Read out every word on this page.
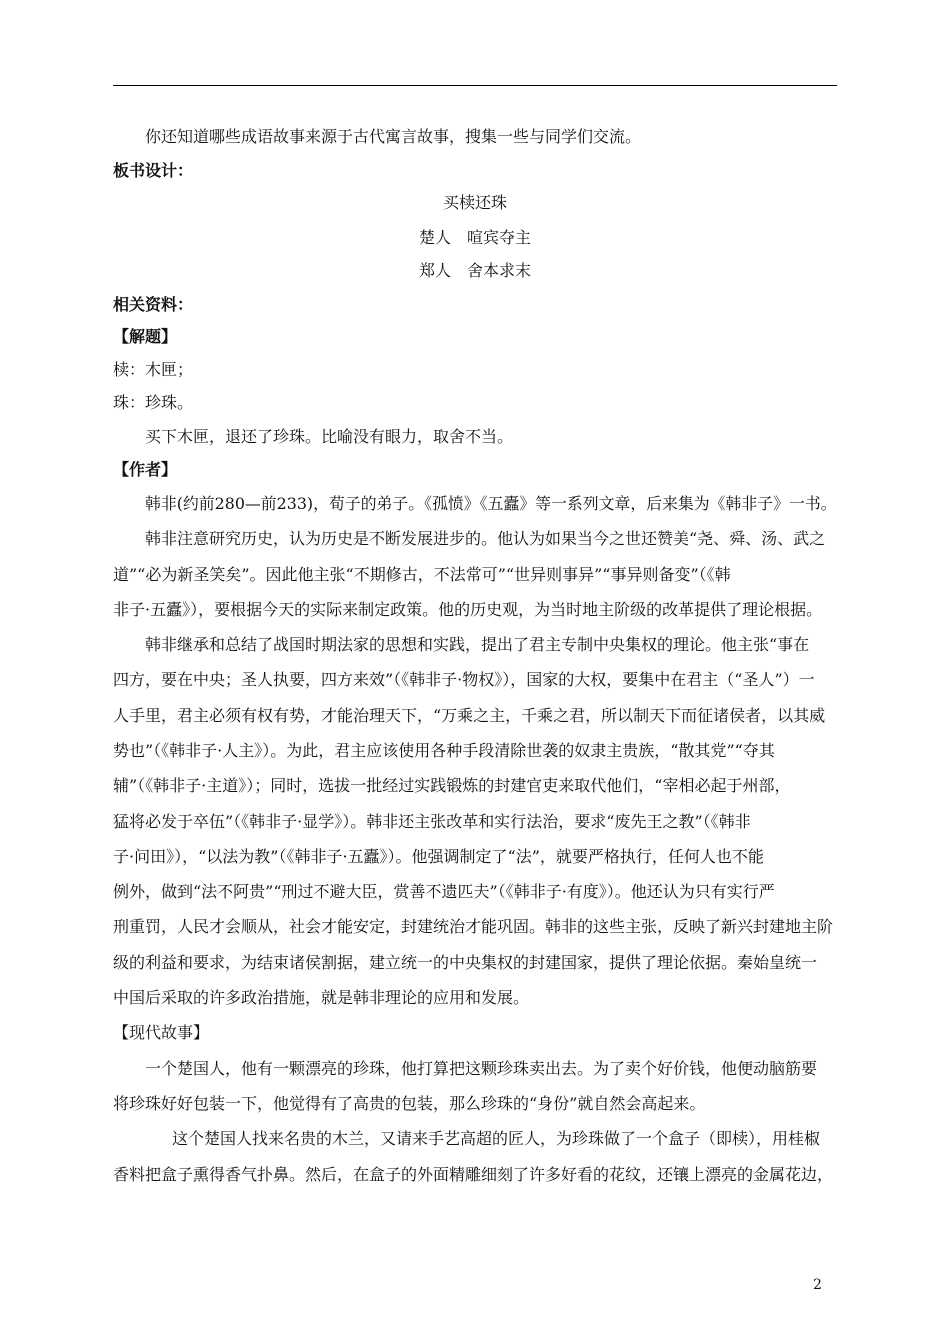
你还知道哪些成语故事来源于古代寓言故事，搜集一些与同学们交流。
板书设计：
买椟还珠
楚人　喧宾夺主
郑人　舍本求末
相关资料：
【解题】
椟：木匣；
珠：珍珠。
买下木匣，退还了珍珠。比喻没有眼力，取舍不当。
【作者】
韩非(约前280—前233)，荀子的弟子。《孤愤》《五蠹》等一系列文章，后来集为《韩非子》一书。
韩非注意研究历史，认为历史是不断发展进步的。他认为如果当今之世还赞美“尧、舜、汤、武之
道”“必为新圣笑矣”。因此他主张“不期修古，不法常可”“世异则事异”“事异则备变”（《韩
非子·五蠹》），要根据今天的实际来制定政策。他的历史观，为当时地主阶级的改革提供了理论根据。
韩非继承和总结了战国时期法家的思想和实践，提出了君主专制中央集权的理论。他主张“事在
四方，要在中央；圣人执要，四方来效”（《韩非子·物权》），国家的大权，要集中在君主（“圣人”）一
人手里，君主必须有权有势，才能治理天下，“万乘之主，千乘之君，所以制天下而征诸侯者，以其威
势也”（《韩非子·人主》）。为此，君主应该使用各种手段清除世袭的奴隶主贵族，“散其党”“夺其
辅”（《韩非子·主道》）；同时，选拔一批经过实践锻炼的封建官吏来取代他们，“宰相必起于州部，
猛将必发于卒伍”（《韩非子·显学》）。韩非还主张改革和实行法治，要求“废先王之教”（《韩非
子·问田》），“以法为教”（《韩非子·五蠹》）。他强调制定了“法”，就要严格执行，任何人也不能
例外，做到“法不阿贵”“刑过不避大臣，赏善不遗匹夫”（《韩非子·有度》）。他还认为只有实行严
刑重罚，人民才会顺从，社会才能安定，封建统治才能巩固。韩非的这些主张，反映了新兴封建地主阶
级的利益和要求，为结束诸侯割据，建立统一的中央集权的封建国家，提供了理论依据。秦始皇统一
中国后采取的许多政治措施，就是韩非理论的应用和发展。
【现代故事】
一个楚国人，他有一颗漂亮的珍珠，他打算把这颗珍珠卖出去。为了卖个好价钱，他便动脑筋要
将珍珠好好包装一下，他觉得有了高贵的包装，那么珍珠的“身份”就自然会高起来。
这个楚国人找来名贵的木兰，又请来手艺高超的匠人，为珍珠做了一个盒子（即椟），用桂椒
香料把盒子熏得香气扑鼻。然后，在盒子的外面精雕细刻了许多好看的花纹，还镶上漂亮的金属花边，
2
